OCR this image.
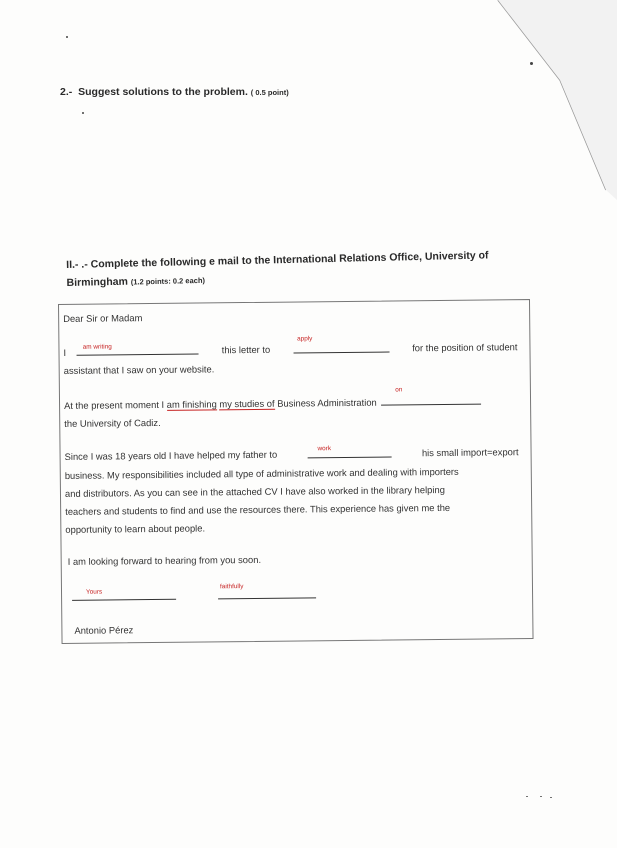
2.- Suggest solutions to the problem. ( 0.5 point)
II.- .- Complete the following e mail to the International Relations Office, University of
Birmingham (1.2 points: 0.2 each)
Dear Sir or Madam
I	am writing	this letter to
apply
for the position of student
assistant that I saw on your website.
At the present moment I am finishing my studies of Business Administration
on
the University of Cadiz.
Since I was 18 years old I have helped my father to	work	his small import=export
business. My responsibilities included all type of administrative work and dealing with importers
and distributors. As you can see in the attached CV I have also worked in the library helping
teachers and students to find and use the resources there. This experience has given me the
opportunity to learn about people.
I am looking forward to hearing from you soon.
Yours
faithfully
Antonio Pérez
